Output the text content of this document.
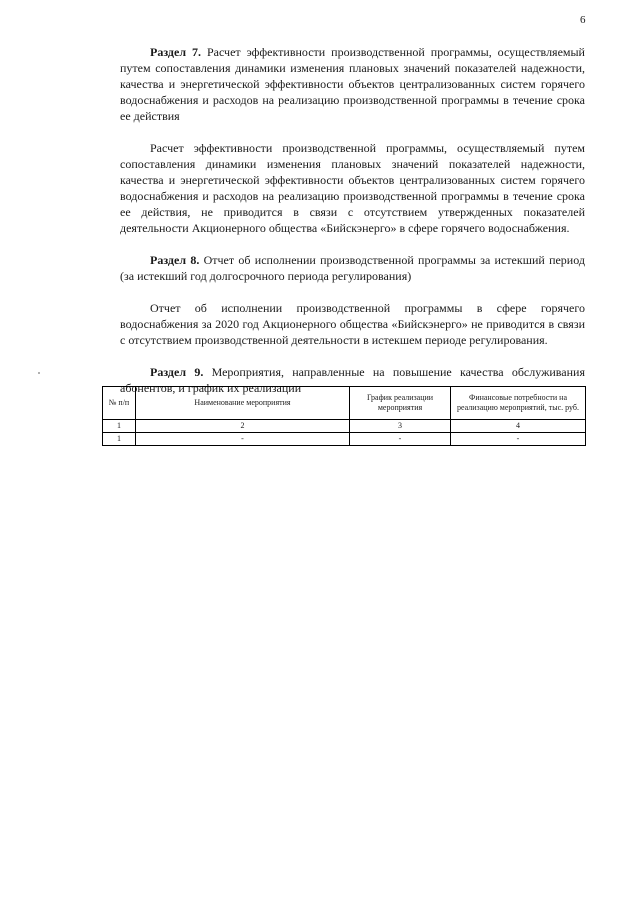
6

Раздел 7. Расчет эффективности производственной программы, осуществляемый путем сопоставления динамики изменения плановых значений показателей надежности, качества и энергетической эффективности объектов централизованных систем горячего водоснабжения и расходов на реализацию производственной программы в течение срока ее действия

Расчет эффективности производственной программы, осуществляемый путем сопоставления динамики изменения плановых значений показателей надежности, качества и энергетической эффективности объектов централизованных систем горячего водоснабжения и расходов на реализацию производственной программы в течение срока ее действия, не приводится в связи с отсутствием утвержденных показателей деятельности Акционерного общества «Бийскэнерго» в сфере горячего водоснабжения.

Раздел 8. Отчет об исполнении производственной программы за истекший период (за истекший год долгосрочного периода регулирования)

Отчет об исполнении производственной программы в сфере горячего водоснабжения за 2020 год Акционерного общества «Бийскэнерго» не приводится в связи с отсутствием производственной деятельности в истекшем периоде регулирования.

Раздел 9. Мероприятия, направленные на повышение качества обслуживания абонентов, и график их реализации

№ п/п	Наименование мероприятия	График реализации мероприятия	Финансовые потребности на реализацию мероприятий, тыс. руб.
1	2	3	4
1	-	-	-
